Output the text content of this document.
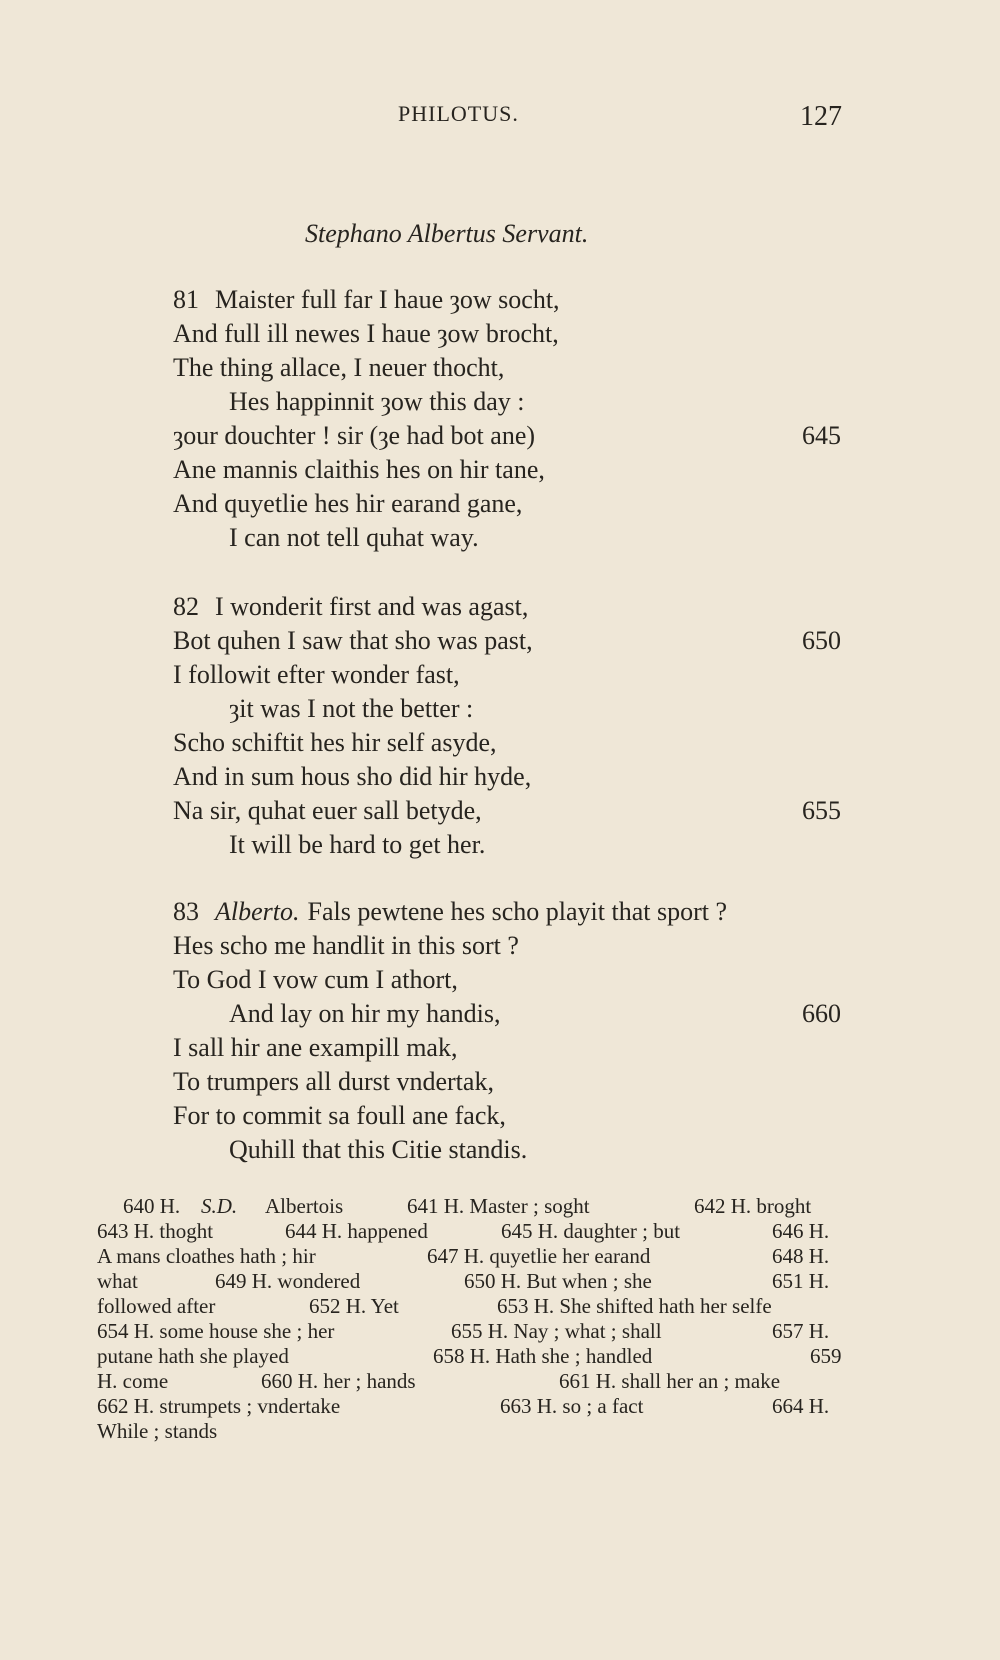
PHILOTUS.	127
Stephano Albertus Servant.
81 Maister full far I haue ȝow socht,
And full ill newes I haue ȝow brocht,
The thing allace, I neuer thocht,
Hes happinnit ȝow this day :
ȝour douchter ! sir (ȝe had bot ane)	645
Ane mannis claithis hes on hir tane,
And quyetlie hes hir earand gane,
I can not tell quhat way.
82 I wonderit first and was agast,
Bot quhen I saw that sho was past,	650
I followit efter wonder fast,
ȝit was I not the better :
Scho schiftit hes hir self asyde,
And in sum hous sho did hir hyde,
Na sir, quhat euer sall betyde,	655
It will be hard to get her.
83 Alberto. Fals pewtene hes scho playit that sport ?
Hes scho me handlit in this sort ?
To God I vow cum I athort,
And lay on hir my handis,	660
I sall hir ane exampill mak,
To trumpers all durst vndertak,
For to commit sa foull ane fack,
Quhill that this Citie standis.
640 H. S.D. Albertois	641 H. Master ; soght	642 H. broght
643 H. thoght	644 H. happened	645 H. daughter ; but	646 H.
A mans cloathes hath ; hir	647 H. quyetlie her earand	648 H.
what	649 H. wondered	650 H. But when ; she	651 H.
followed after	652 H. Yet	653 H. She shifted hath her selfe
654 H. some house she ; her	655 H. Nay ; what ; shall	657 H.
putane hath she played	658 H. Hath she ; handled	659
H. come	660 H. her ; hands	661 H. shall her an ; make
662 H. strumpets ; vndertake	663 H. so ; a fact	664 H.
While ; stands
